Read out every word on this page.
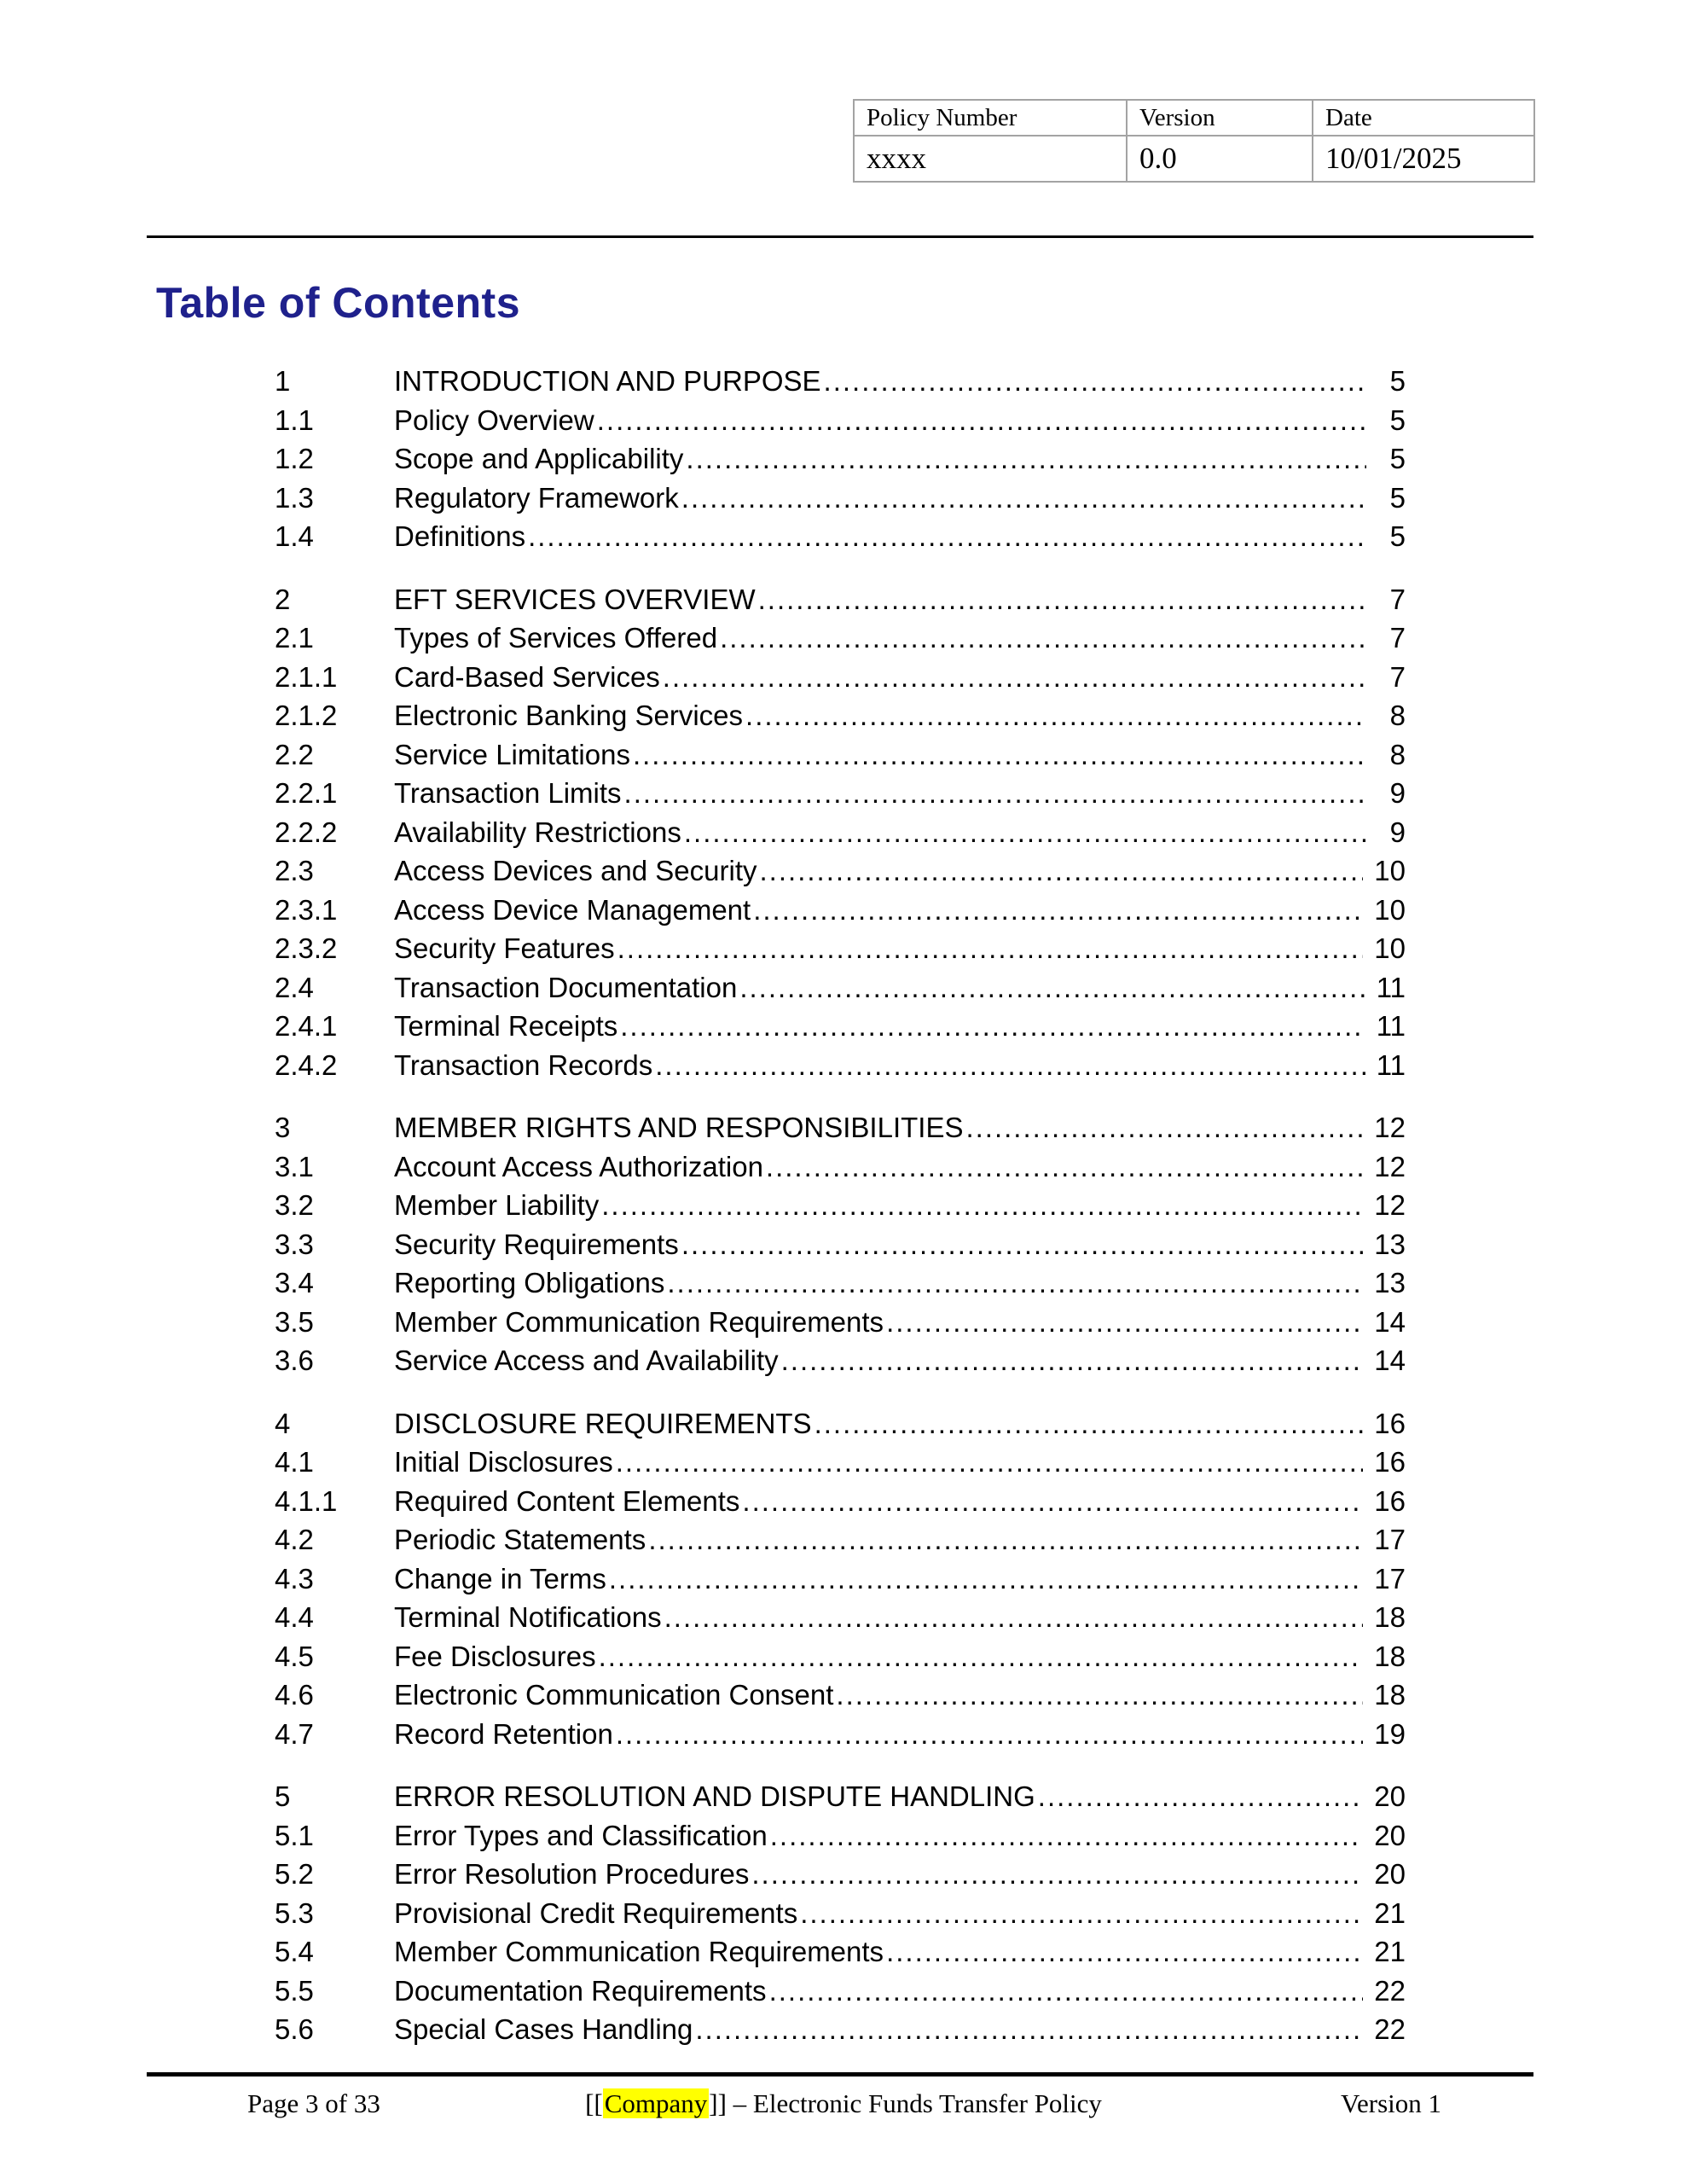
Policy Number	Version	Date
xxxx	0.0	10/01/2025
Table of Contents
1	INTRODUCTION AND PURPOSE .....	5
1.1	Policy Overview .....	5
1.2	Scope and Applicability .....	5
1.3	Regulatory Framework .....	5
1.4	Definitions .....	5
2	EFT SERVICES OVERVIEW .....	7
2.1	Types of Services Offered .....	7
2.1.1	Card-Based Services .....	7
2.1.2	Electronic Banking Services .....	8
2.2	Service Limitations .....	8
2.2.1	Transaction Limits .....	9
2.2.2	Availability Restrictions .....	9
2.3	Access Devices and Security .....	10
2.3.1	Access Device Management .....	10
2.3.2	Security Features .....	10
2.4	Transaction Documentation .....	11
2.4.1	Terminal Receipts .....	11
2.4.2	Transaction Records .....	11
3	MEMBER RIGHTS AND RESPONSIBILITIES .....	12
3.1	Account Access Authorization .....	12
3.2	Member Liability .....	12
3.3	Security Requirements .....	13
3.4	Reporting Obligations .....	13
3.5	Member Communication Requirements .....	14
3.6	Service Access and Availability .....	14
4	DISCLOSURE REQUIREMENTS .....	16
4.1	Initial Disclosures .....	16
4.1.1	Required Content Elements .....	16
4.2	Periodic Statements .....	17
4.3	Change in Terms .....	17
4.4	Terminal Notifications .....	18
4.5	Fee Disclosures .....	18
4.6	Electronic Communication Consent .....	18
4.7	Record Retention .....	19
5	ERROR RESOLUTION AND DISPUTE HANDLING .....	20
5.1	Error Types and Classification .....	20
5.2	Error Resolution Procedures .....	20
5.3	Provisional Credit Requirements .....	21
5.4	Member Communication Requirements .....	21
5.5	Documentation Requirements .....	22
5.6	Special Cases Handling .....	22
Page 3 of 33	[[Company]] – Electronic Funds Transfer Policy	Version 1
